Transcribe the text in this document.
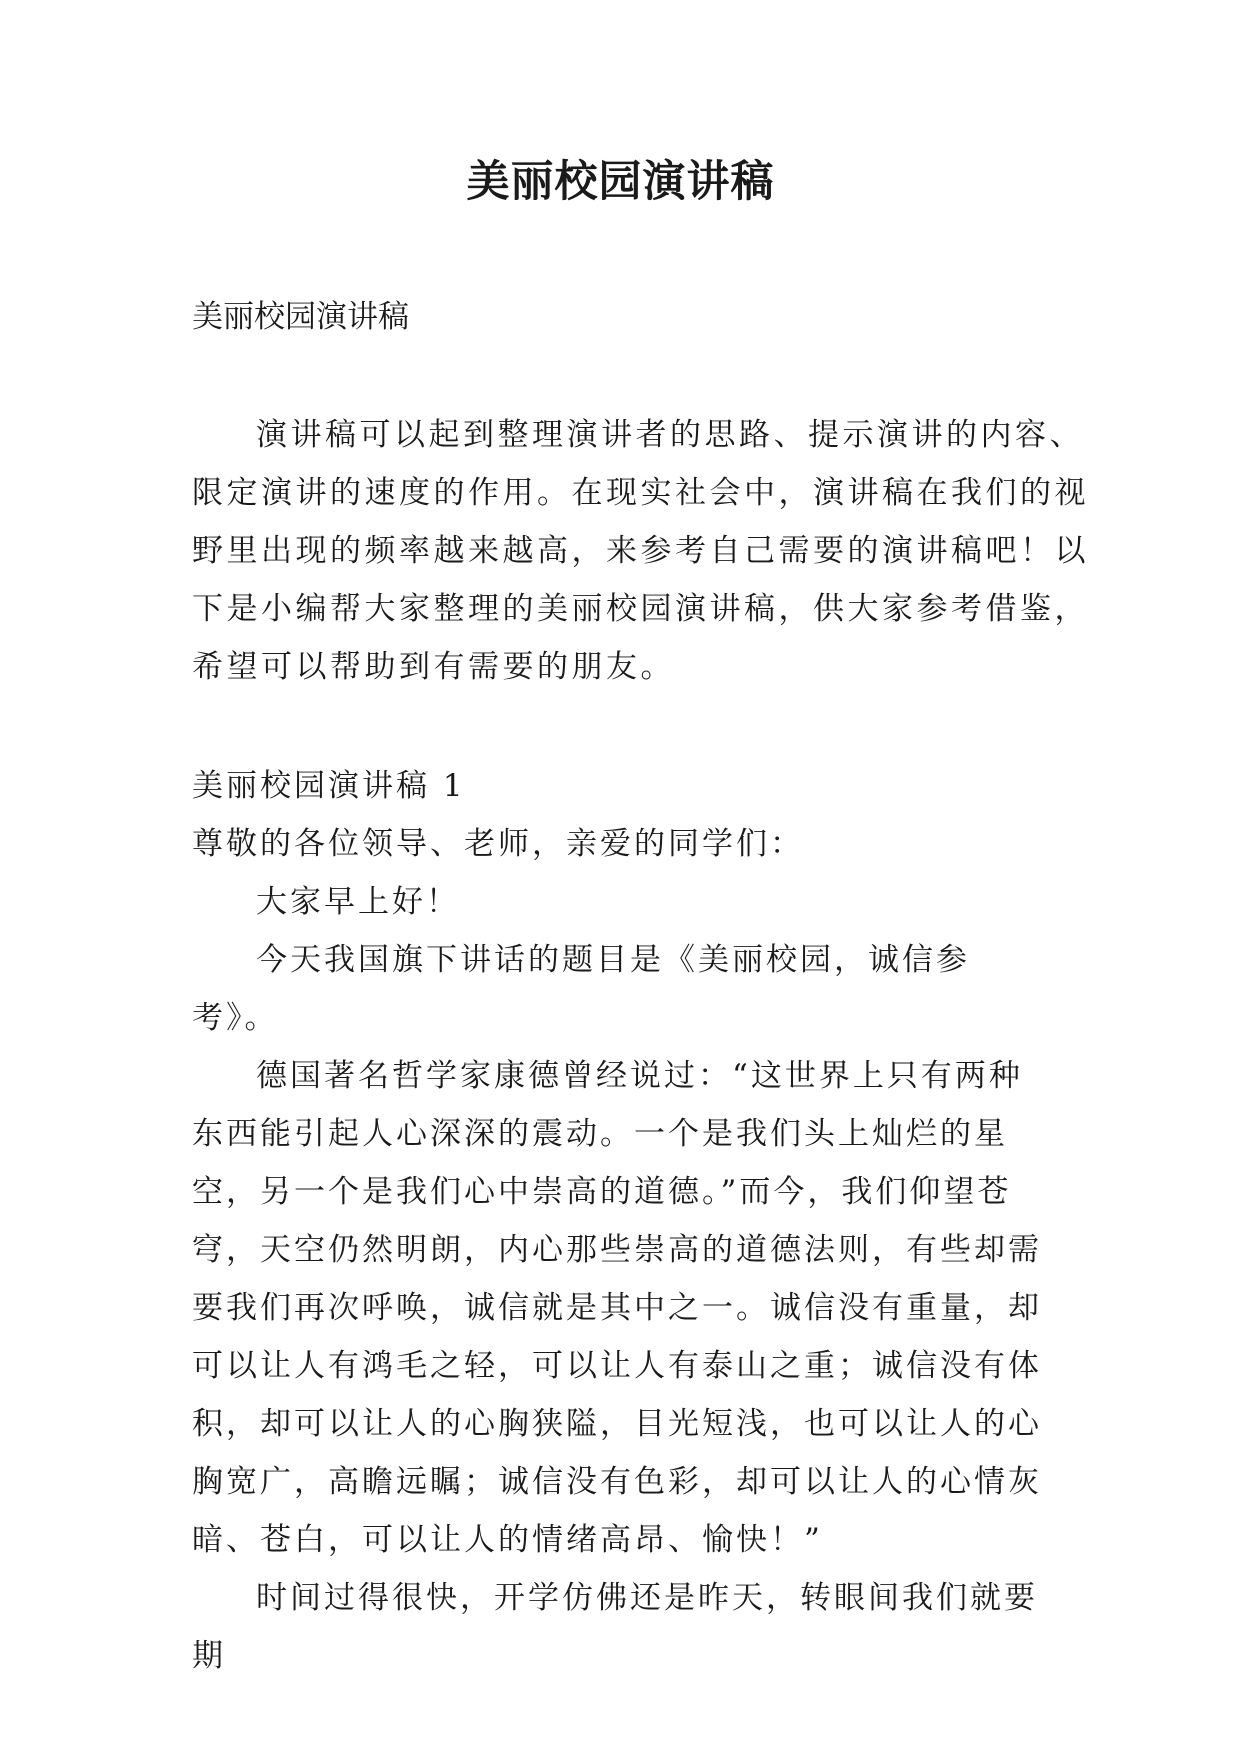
美丽校园演讲稿
美丽校园演讲稿

演讲稿可以起到整理演讲者的思路、提示演讲的内容、限定演讲的速度的作用。在现实社会中，演讲稿在我们的视野里出现的频率越来越高，来参考自己需要的演讲稿吧！以下是小编帮大家整理的美丽校园演讲稿，供大家参考借鉴，希望可以帮助到有需要的朋友。

美丽校园演讲稿 1

尊敬的各位领导、老师，亲爱的同学们：

大家早上好！

今天我国旗下讲话的题目是《美丽校园，诚信参考》。

德国著名哲学家康德曾经说过：“这世界上只有两种东西能引起人心深深的震动。一个是我们头上灿烂的星空，另一个是我们心中崇高的道德。”而今，我们仰望苍穹，天空仍然明朗，内心那些崇高的道德法则，有些却需要我们再次呼唤，诚信就是其中之一。诚信没有重量，却可以让人有鸿毛之轻，可以让人有泰山之重；诚信没有体积，却可以让人的心胸狭隘，目光短浅，也可以让人的心胸宽广，高瞻远瞩；诚信没有色彩，却可以让人的心情灰暗、苍白，可以让人的情绪高昂、愉快！”

时间过得很快，开学仿佛还是昨天，转眼间我们就要期
